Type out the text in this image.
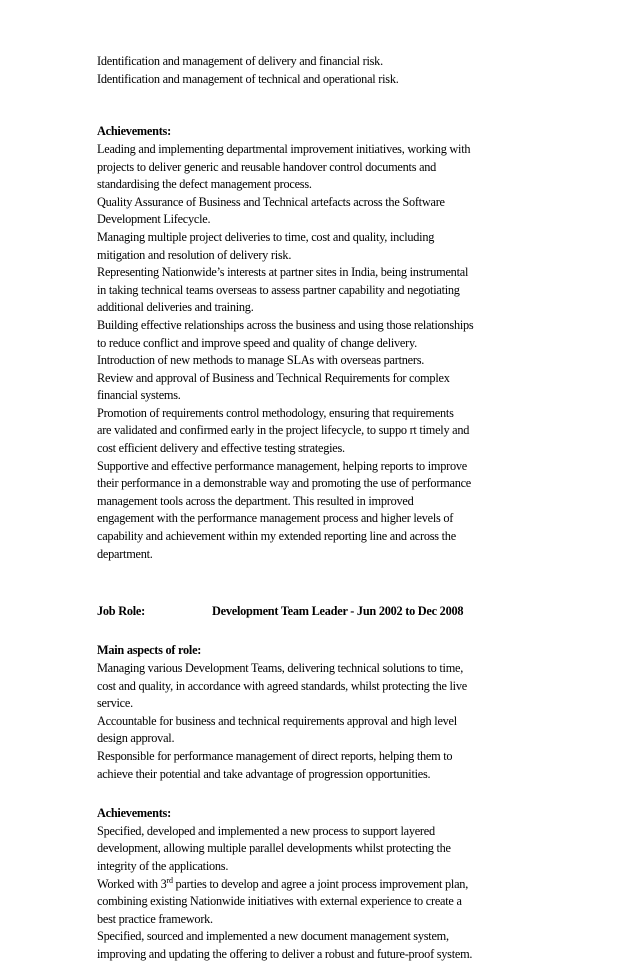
Identification and management of delivery and financial risk.

Identification and management of technical and operational risk.

Achievements:

Leading and implementing departmental improvement initiatives, working with

projects to deliver generic and reusable handover control documents and

standardising the defect management process.

Quality Assurance of Business and Technical artefacts across the Software

Development Lifecycle.

Managing multiple project deliveries to time, cost and quality, including

mitigation and resolution of delivery risk.

Representing Nationwide’s interests at partner sites in India, being instrumental

in taking technical teams overseas to assess partner capability and negotiating

additional deliveries and training.

Building effective relationships across the business and using those relationships

to reduce conflict and improve speed and quality of change delivery.

Introduction of new methods to manage SLAs with overseas partners.

Review and approval of Business and Technical Requirements for complex

financial systems.

Promotion of requirements control methodology, ensuring that requirements

are validated and confirmed early in the project lifecycle, to suppo rt timely and

cost efficient delivery and effective testing strategies.

Supportive and effective performance management, helping reports to improve

their performance in a demonstrable way and promoting the use of performance

management tools across the department. This resulted in improved

engagement with the performance management process and higher levels of

capability and achievement within my extended reporting line and across the

department.

Job Role:	Development Team Leader - Jun 2002 to Dec 2008

Main aspects of role:

Managing various Development Teams, delivering technical solutions to time,

cost and quality, in accordance with agreed standards, whilst protecting the live

service.

Accountable for business and technical requirements approval and high level

design approval.

Responsible for performance management of direct reports, helping them to

achieve their potential and take advantage of progression opportunities.

Achievements:

Specified, developed and implemented a new process to support layered

development, allowing multiple parallel developments whilst protecting the

integrity of the applications.

Worked with 3rd parties to develop and agree a joint process improvement plan,

combining existing Nationwide initiatives with external experience to create a

best practice framework.

Specified, sourced and implemented a new document management system,

improving and updating the offering to deliver a robust and future-proof system.
